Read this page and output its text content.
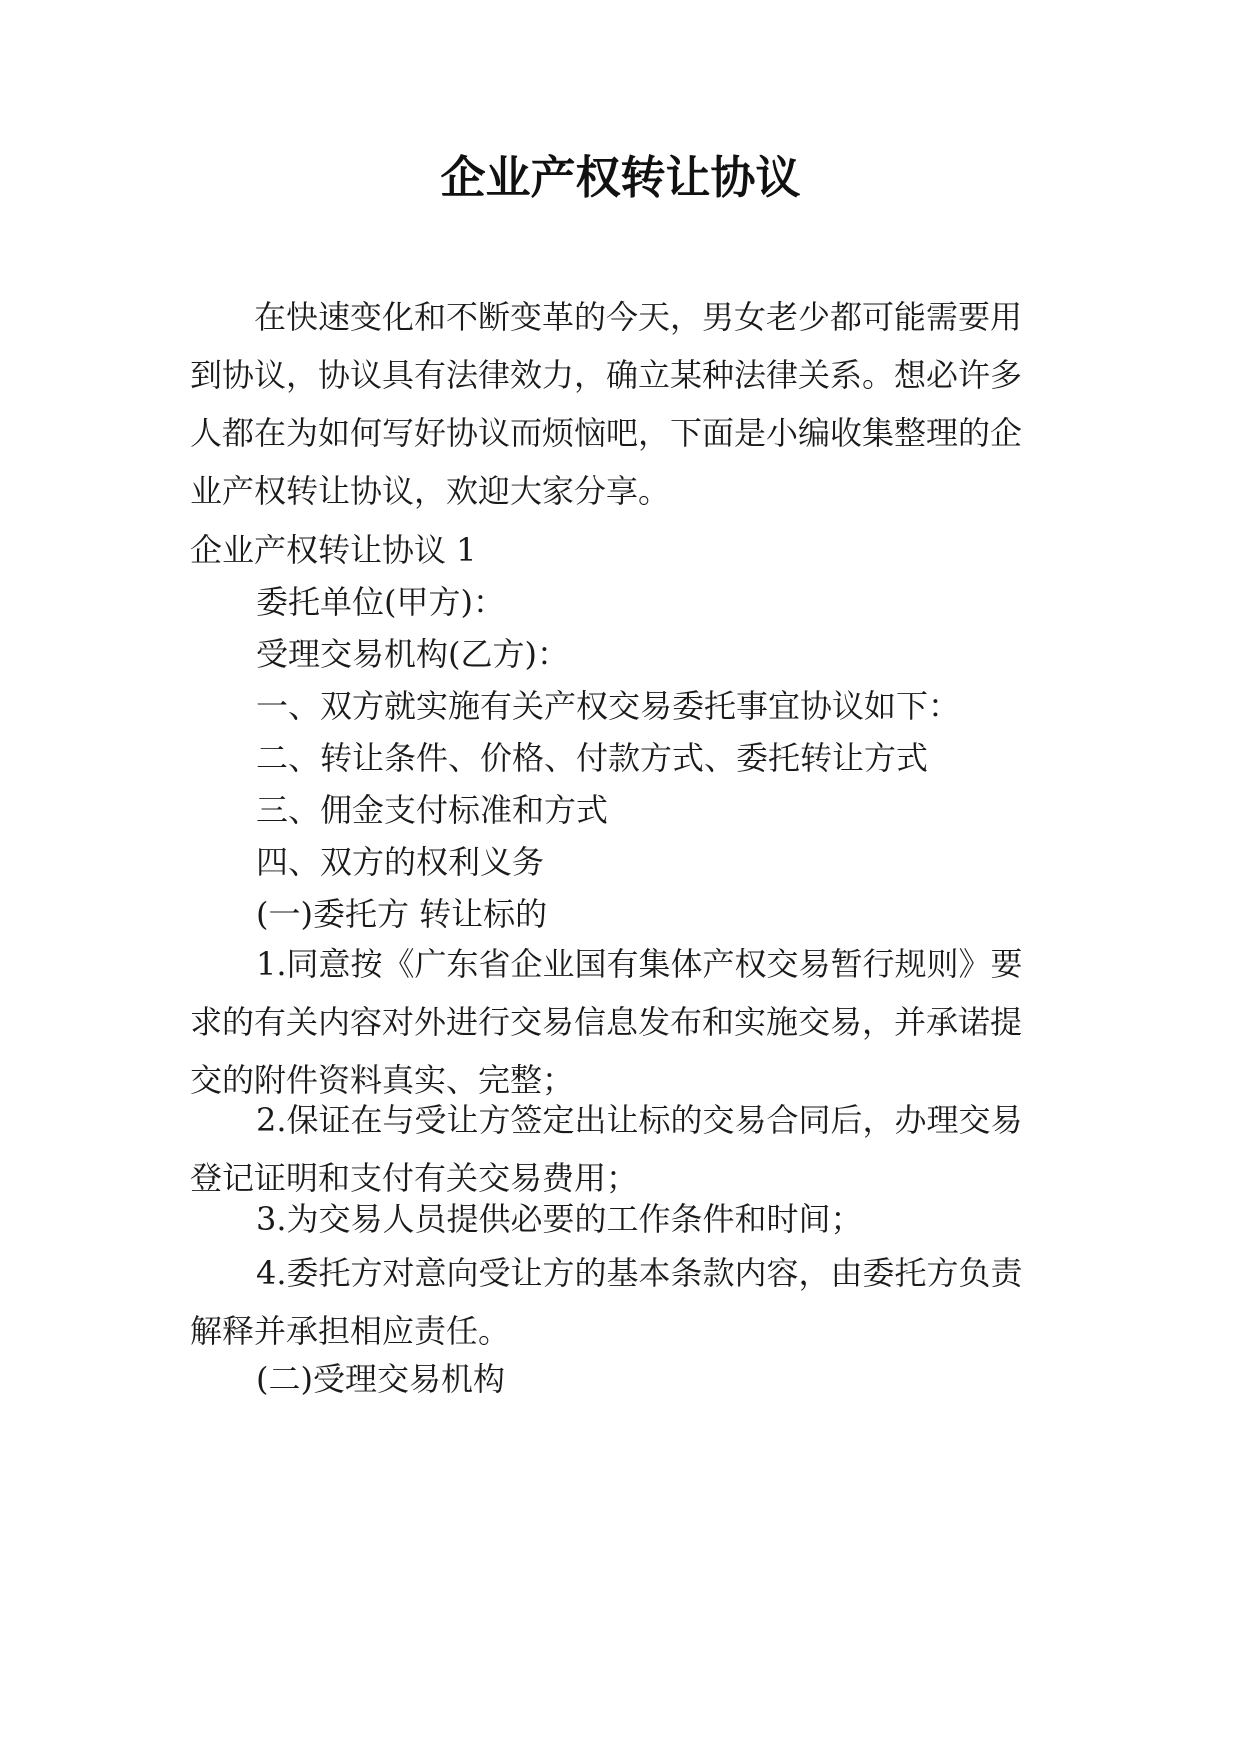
企业产权转让协议

在快速变化和不断变革的今天，男女老少都可能需要用到协议，协议具有法律效力，确立某种法律关系。想必许多人都在为如何写好协议而烦恼吧，下面是小编收集整理的企业产权转让协议，欢迎大家分享。

企业产权转让协议 1

委托单位(甲方)：

受理交易机构(乙方)：

一、双方就实施有关产权交易委托事宜协议如下：

二、转让条件、价格、付款方式、委托转让方式

三、佣金支付标准和方式

四、双方的权利义务

(一)委托方 转让标的

1.同意按《广东省企业国有集体产权交易暂行规则》要求的有关内容对外进行交易信息发布和实施交易，并承诺提交的附件资料真实、完整；

2.保证在与受让方签定出让标的交易合同后，办理交易登记证明和支付有关交易费用；

3.为交易人员提供必要的工作条件和时间；

4.委托方对意向受让方的基本条款内容，由委托方负责解释并承担相应责任。

(二)受理交易机构
